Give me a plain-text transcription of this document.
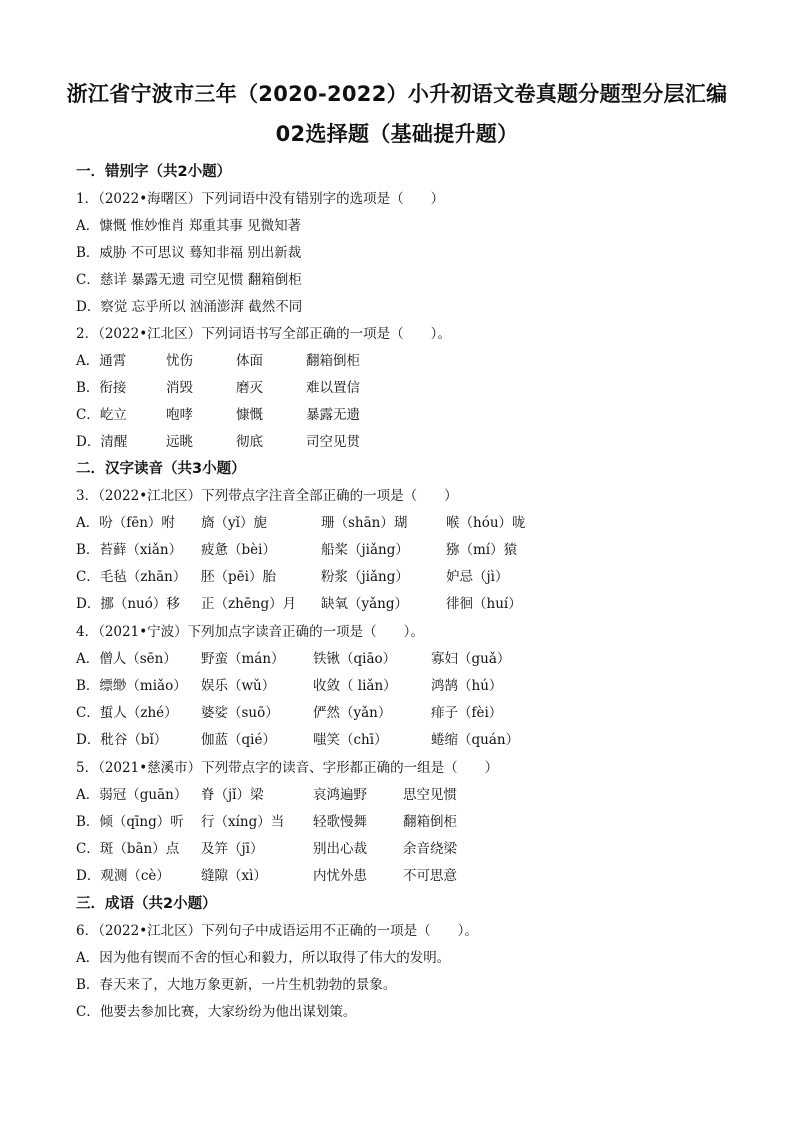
浙江省宁波市三年（2020-2022）小升初语文卷真题分题型分层汇编
02选择题（基础提升题）
一．错别字（共2小题）
1．（2022•海曙区）下列词语中没有错别字的选项是（　　）
A．慷慨 惟妙惟肖 郑重其事 见微知著
B．威胁 不可思议 蓦知非福 别出新裁
C．慈详 暴露无遗 司空见惯 翻箱倒柜
D．察觉 忘乎所以 汹涌澎湃 截然不同
2．（2022•江北区）下列词语书写全部正确的一项是（　　）。
A．通霄	忧伤	体面	翻箱倒柜
B．衔接	消毁	磨灭	难以置信
C．屹立	咆哮	慷慨	暴露无遗
D．清醒	远眺	彻底	司空见贯
二．汉字读音（共3小题）
3．（2022•江北区）下列带点字注音全部正确的一项是（　　）
A．吩（fēn）咐 旖（yǐ）旎	珊（shān）瑚	喉（hóu）咙
B．苔藓（xiǎn） 疲惫（bèi）	船桨（jiǎng）	猕（mí）猿
C．毛毡（zhān） 胚（pēi）胎	粉浆（jiǎng）	妒忌（jì）
D．挪（nuó）移 正（zhēng）月 缺氧（yǎng）	徘徊（huí）
4．（2021•宁波）下列加点字读音正确的一项是（　　）。
A．僧人（sēn） 野蛮（mán） 铁锹（qiāo）	寡妇（guǎ）
B．缥缈（miǎo） 娱乐（wǔ）	收敛（ liǎn）	鸿鹄（hú）
C．蜇人（zhé） 婆娑（suō）	俨然（yǎn）	痱子（fèi）
D．秕谷（bǐ） 伽蓝（qié）	嗤笑（chī）	蜷缩（quán）
5．（2021•慈溪市）下列带点字的读音、字形都正确的一组是（　　）
A．弱冠（guān） 脊（jǐ）梁	哀鸿遍野	思空见惯
B．倾（qīng）听 行（xíng）当 轻歌慢舞	翻箱倒柜
C．斑（bān）点 及笄（jī）	别出心裁	余音绕梁
D．观测（cè） 缝隙（xì）	内忧外患	不可思意
三．成语（共2小题）
6．（2022•江北区）下列句子中成语运用不正确的一项是（　　）。
A．因为他有锲而不舍的恒心和毅力，所以取得了伟大的发明。
B．春天来了，大地万象更新，一片生机勃勃的景象。
C．他要去参加比赛，大家纷纷为他出谋划策。
